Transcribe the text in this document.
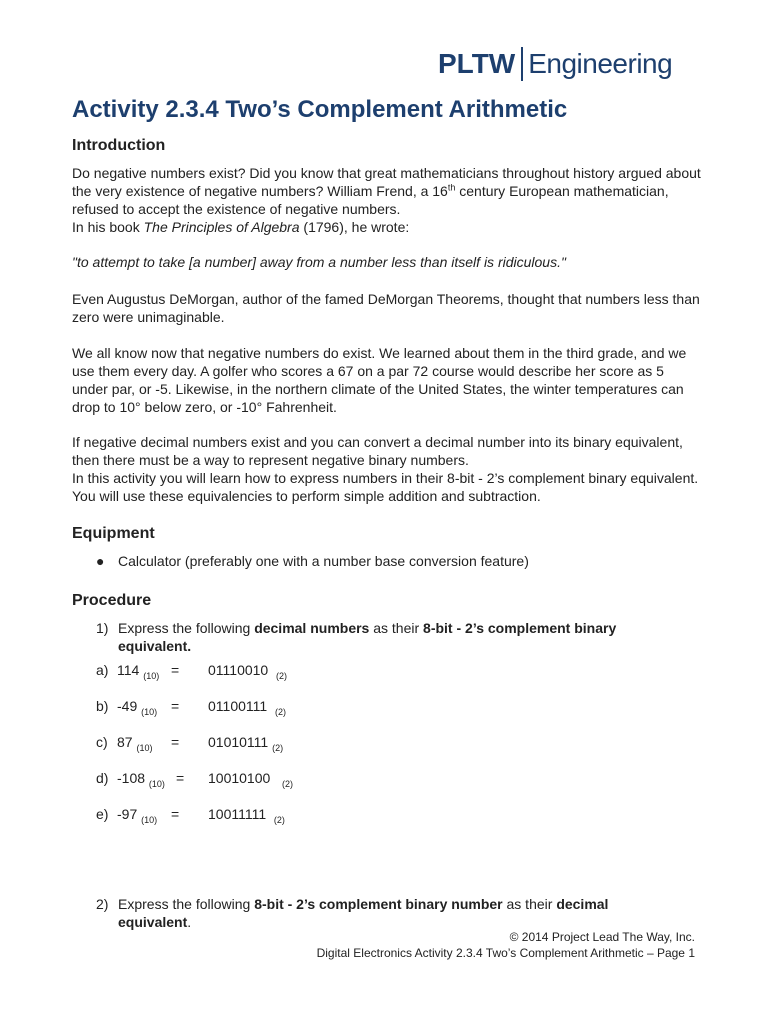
PLTW Engineering
Activity 2.3.4 Two’s Complement Arithmetic
Introduction
Do negative numbers exist? Did you know that great mathematicians throughout history argued about the very existence of negative numbers? William Frend, a 16th century European mathematician, refused to accept the existence of negative numbers.
In his book The Principles of Algebra (1796), he wrote:
"to attempt to take [a number] away from a number less than itself is ridiculous."
Even Augustus DeMorgan, author of the famed DeMorgan Theorems, thought that numbers less than zero were unimaginable.
We all know now that negative numbers do exist. We learned about them in the third grade, and we use them every day. A golfer who scores a 67 on a par 72 course would describe her score as 5 under par, or -5. Likewise, in the northern climate of the United States, the winter temperatures can drop to 10° below zero, or -10° Fahrenheit.
If negative decimal numbers exist and you can convert a decimal number into its binary equivalent, then there must be a way to represent negative binary numbers.
In this activity you will learn how to express numbers in their 8-bit - 2’s complement binary equivalent. You will use these equivalencies to perform simple addition and subtraction.
Equipment
● Calculator (preferably one with a number base conversion feature)
Procedure
1) Express the following decimal numbers as their 8-bit - 2’s complement binary equivalent.
a) 114 $_{(10)}$ = 01110010 $_{(2)}$
b) -49 $_{(10)}$ = 01100111 $_{(2)}$
c) 87 $_{(10)}$ = 01010111 $_{(2)}$
d) -108 $_{(10)}$ = 10010100 $_{(2)}$
e) -97 $_{(10)}$ = 10011111 $_{(2)}$
2) Express the following 8-bit - 2’s complement binary number as their decimal equivalent.
© 2014 Project Lead The Way, Inc.
Digital Electronics Activity 2.3.4 Two’s Complement Arithmetic – Page 1
